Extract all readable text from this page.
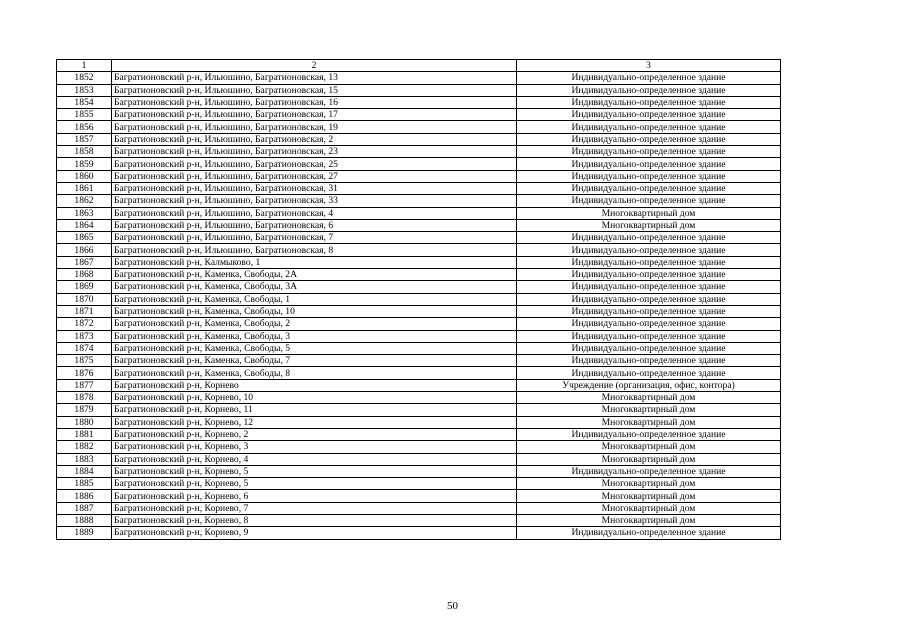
1	2	3
1852	Багратионовский р-н, Ильюшино, Багратионовская, 13	Индивидуально-определенное здание
1853	Багратионовский р-н, Ильюшино, Багратионовская, 15	Индивидуально-определенное здание
1854	Багратионовский р-н, Ильюшино, Багратионовская, 16	Индивидуально-определенное здание
1855	Багратионовский р-н, Ильюшино, Багратионовская, 17	Индивидуально-определенное здание
1856	Багратионовский р-н, Ильюшино, Багратионовская, 19	Индивидуально-определенное здание
1857	Багратионовский р-н, Ильюшино, Багратионовская, 2	Индивидуально-определенное здание
1858	Багратионовский р-н, Ильюшино, Багратионовская, 23	Индивидуально-определенное здание
1859	Багратионовский р-н, Ильюшино, Багратионовская, 25	Индивидуально-определенное здание
1860	Багратионовский р-н, Ильюшино, Багратионовская, 27	Индивидуально-определенное здание
1861	Багратионовский р-н, Ильюшино, Багратионовская, 31	Индивидуально-определенное здание
1862	Багратионовский р-н, Ильюшино, Багратионовская, 33	Индивидуально-определенное здание
1863	Багратионовский р-н, Ильюшино, Багратионовская, 4	Многоквартирный дом
1864	Багратионовский р-н, Ильюшино, Багратионовская, 6	Многоквартирный дом
1865	Багратионовский р-н, Ильюшино, Багратионовская, 7	Индивидуально-определенное здание
1866	Багратионовский р-н, Ильюшино, Багратионовская, 8	Индивидуально-определенное здание
1867	Багратионовский р-н, Калмыково, 1	Индивидуально-определенное здание
1868	Багратионовский р-н, Каменка, Свободы, 2А	Индивидуально-определенное здание
1869	Багратионовский р-н, Каменка, Свободы, 3А	Индивидуально-определенное здание
1870	Багратионовский р-н, Каменка, Свободы, 1	Индивидуально-определенное здание
1871	Багратионовский р-н, Каменка, Свободы, 10	Индивидуально-определенное здание
1872	Багратионовский р-н, Каменка, Свободы, 2	Индивидуально-определенное здание
1873	Багратионовский р-н, Каменка, Свободы, 3	Индивидуально-определенное здание
1874	Багратионовский р-н, Каменка, Свободы, 5	Индивидуально-определенное здание
1875	Багратионовский р-н, Каменка, Свободы, 7	Индивидуально-определенное здание
1876	Багратионовский р-н, Каменка, Свободы, 8	Индивидуально-определенное здание
1877	Багратионовский р-н, Корнево	Учреждение (организация, офис, контора)
1878	Багратионовский р-н, Корнево, 10	Многоквартирный дом
1879	Багратионовский р-н, Корнево, 11	Многоквартирный дом
1880	Багратионовский р-н, Корнево, 12	Многоквартирный дом
1881	Багратионовский р-н, Корнево, 2	Индивидуально-определенное здание
1882	Багратионовский р-н, Корнево, 3	Многоквартирный дом
1883	Багратионовский р-н, Корнево, 4	Многоквартирный дом
1884	Багратионовский р-н, Корнево, 5	Индивидуально-определенное здание
1885	Багратионовский р-н, Корнево, 5	Многоквартирный дом
1886	Багратионовский р-н, Корнево, 6	Многоквартирный дом
1887	Багратионовский р-н, Корнево, 7	Многоквартирный дом
1888	Багратионовский р-н, Корнево, 8	Многоквартирный дом
1889	Багратионовский р-н, Корнево, 9	Индивидуально-определенное здание
50
